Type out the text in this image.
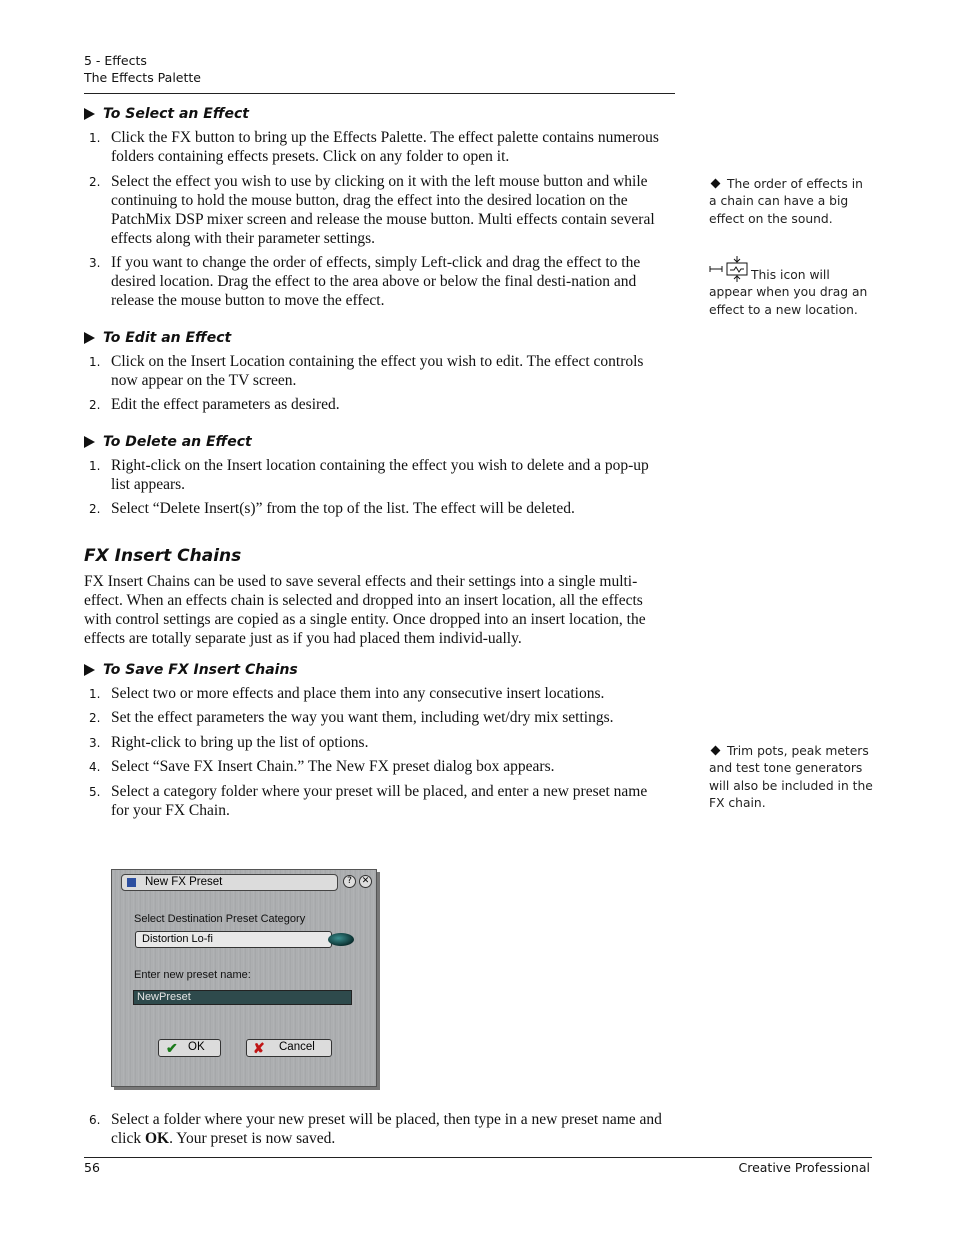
5 - Effects
The Effects Palette
To Select an Effect
1. Click the FX button to bring up the Effects Palette. The effect palette contains numerous folders containing effects presets. Click on any folder to open it.
2. Select the effect you wish to use by clicking on it with the left mouse button and while continuing to hold the mouse button, drag the effect into the desired location on the PatchMix DSP mixer screen and release the mouse button. Multi effects contain several effects along with their parameter settings.
3. If you want to change the order of effects, simply Left-click and drag the effect to the desired location. Drag the effect to the area above or below the final desti-nation and release the mouse button to move the effect.
To Edit an Effect
1. Click on the Insert Location containing the effect you wish to edit. The effect controls now appear on the TV screen.
2. Edit the effect parameters as desired.
To Delete an Effect
1. Right-click on the Insert location containing the effect you wish to delete and a pop-up list appears.
2. Select “Delete Insert(s)” from the top of the list. The effect will be deleted.
FX Insert Chains

FX Insert Chains can be used to save several effects and their settings into a single multi-effect. When an effects chain is selected and dropped into an insert location, all the effects with control settings are copied as a single entity. Once dropped into an insert location, the effects are totally separate just as if you had placed them individ-ually.

To Save FX Insert Chains
1. Select two or more effects and place them into any consecutive insert locations.
2. Set the effect parameters the way you want them, including wet/dry mix settings.
3. Right-click to bring up the list of options.
4. Select “Save FX Insert Chain.” The New FX preset dialog box appears.
5. Select a category folder where your preset will be placed, and enter a new preset name for your FX Chain.
New FX Preset	?	✕
Select Destination Preset Category
Distortion Lo-fi
Enter new preset name:
NewPreset
✔ OK	✘ Cancel
6. Select a folder where your new preset will be placed, then type in a new preset name and click OK. Your preset is now saved.
The order of effects in a chain can have a big effect on the sound.
This icon will appear when you drag an effect to a new location.
Trim pots, peak meters and test tone generators will also be included in the FX chain.
56	Creative Professional
